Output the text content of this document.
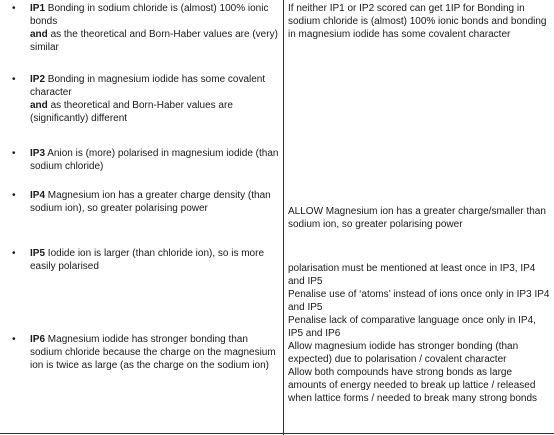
• IP1 Bonding in sodium chloride is (almost) 100% ionic bonds

and as the theoretical and Born-Haber values are (very) similar

• IP2 Bonding in magnesium iodide has some covalent character

and as theoretical and Born-Haber values are (significantly) different

• IP3 Anion is (more) polarised in magnesium iodide (than sodium chloride)

• IP4 Magnesium ion has a greater charge density (than sodium ion), so greater polarising power

• IP5 Iodide ion is larger (than chloride ion), so is more easily polarised

• IP6 Magnesium iodide has stronger bonding than sodium chloride because the charge on the magnesium ion is twice as large (as the charge on the sodium ion)

If neither IP1 or IP2 scored can get 1IP for Bonding in sodium chloride is (almost) 100% ionic bonds and bonding in magnesium iodide has some covalent character

ALLOW Magnesium ion has a greater charge/smaller than sodium ion, so greater polarising power

polarisation must be mentioned at least once in IP3, IP4 and IP5

Penalise use of ‘atoms’ instead of ions once only in IP3 IP4 and IP5

Penalise lack of comparative language once only in IP4, IP5 and IP6

Allow magnesium iodide has stronger bonding (than expected) due to polarisation / covalent character

Allow both compounds have strong bonds as large amounts of energy needed to break up lattice / released when lattice forms / needed to break many strong bonds
